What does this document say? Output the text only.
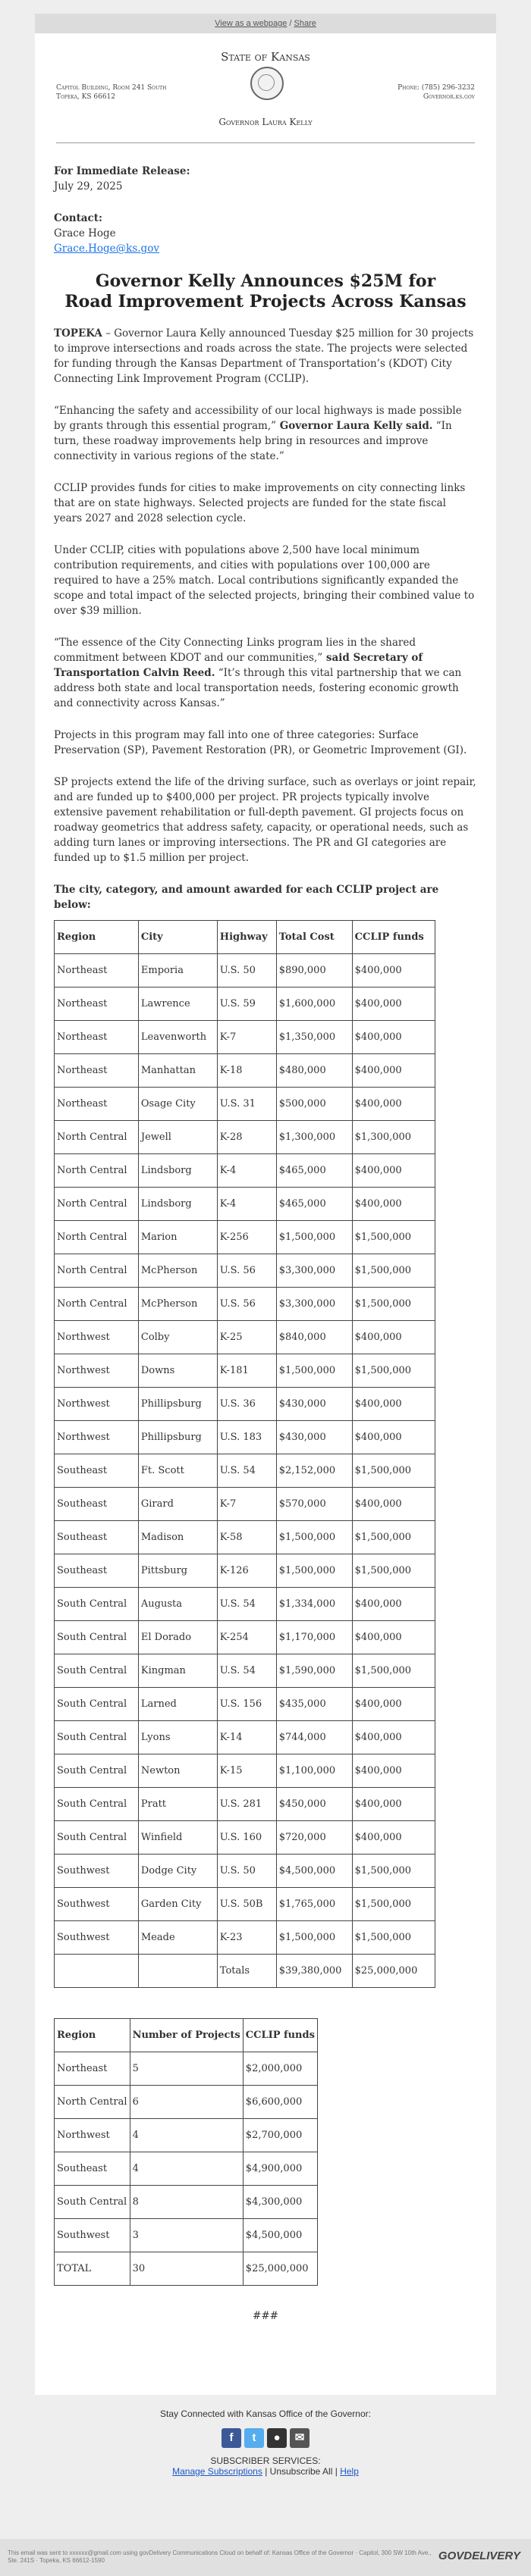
View as a webpage / Share
State of Kansas
Capitol Building, Room 241 South
Topeka, KS 66612
Phone: (785) 296-3232
Governor.ks.gov
Governor Laura Kelly
For Immediate Release:
July 29, 2025
Contact:
Grace Hoge
Grace.Hoge@ks.gov
Governor Kelly Announces $25M for
Road Improvement Projects Across Kansas

TOPEKA – Governor Laura Kelly announced Tuesday $25 million for 30 projects to improve intersections and roads across the state. The projects were selected for funding through the Kansas Department of Transportation’s (KDOT) City Connecting Link Improvement Program (CCLIP).

“Enhancing the safety and accessibility of our local highways is made possible by grants through this essential program,” Governor Laura Kelly said. “In turn, these roadway improvements help bring in resources and improve connectivity in various regions of the state.”

CCLIP provides funds for cities to make improvements on city connecting links that are on state highways. Selected projects are funded for the state fiscal years 2027 and 2028 selection cycle.

Under CCLIP, cities with populations above 2,500 have local minimum contribution requirements, and cities with populations over 100,000 are required to have a 25% match. Local contributions significantly expanded the scope and total impact of the selected projects, bringing their combined value to over $39 million.

“The essence of the City Connecting Links program lies in the shared commitment between KDOT and our communities,” said Secretary of Transportation Calvin Reed. “It’s through this vital partnership that we can address both state and local transportation needs, fostering economic growth and connectivity across Kansas.”

Projects in this program may fall into one of three categories: Surface Preservation (SP), Pavement Restoration (PR), or Geometric Improvement (GI).

SP projects extend the life of the driving surface, such as overlays or joint repair, and are funded up to $400,000 per project. PR projects typically involve extensive pavement rehabilitation or full-depth pavement. GI projects focus on roadway geometrics that address safety, capacity, or operational needs, such as adding turn lanes or improving intersections. The PR and GI categories are funded up to $1.5 million per project.

The city, category, and amount awarded for each CCLIP project are below:

Region	City	Highway	Total Cost	CCLIP funds
Northeast	Emporia	U.S. 50	$890,000	$400,000
Northeast	Lawrence	U.S. 59	$1,600,000	$400,000
Northeast	Leavenworth	K-7	$1,350,000	$400,000
Northeast	Manhattan	K-18	$480,000	$400,000
Northeast	Osage City	U.S. 31	$500,000	$400,000
North Central	Jewell	K-28	$1,300,000	$1,300,000
North Central	Lindsborg	K-4	$465,000	$400,000
North Central	Lindsborg	K-4	$465,000	$400,000
North Central	Marion	K-256	$1,500,000	$1,500,000
North Central	McPherson	U.S. 56	$3,300,000	$1,500,000
North Central	McPherson	U.S. 56	$3,300,000	$1,500,000
Northwest	Colby	K-25	$840,000	$400,000
Northwest	Downs	K-181	$1,500,000	$1,500,000
Northwest	Phillipsburg	U.S. 36	$430,000	$400,000
Northwest	Phillipsburg	U.S. 183	$430,000	$400,000
Southeast	Ft. Scott	U.S. 54	$2,152,000	$1,500,000
Southeast	Girard	K-7	$570,000	$400,000
Southeast	Madison	K-58	$1,500,000	$1,500,000
Southeast	Pittsburg	K-126	$1,500,000	$1,500,000
South Central	Augusta	U.S. 54	$1,334,000	$400,000
South Central	El Dorado	K-254	$1,170,000	$400,000
South Central	Kingman	U.S. 54	$1,590,000	$1,500,000
South Central	Larned	U.S. 156	$435,000	$400,000
South Central	Lyons	K-14	$744,000	$400,000
South Central	Newton	K-15	$1,100,000	$400,000
South Central	Pratt	U.S. 281	$450,000	$400,000
South Central	Winfield	U.S. 160	$720,000	$400,000
Southwest	Dodge City	U.S. 50	$4,500,000	$1,500,000
Southwest	Garden City	U.S. 50B	$1,765,000	$1,500,000
Southwest	Meade	K-23	$1,500,000	$1,500,000
		Totals	$39,380,000	$25,000,000
Region	Number of Projects	CCLIP funds
Northeast	5	$2,000,000
North Central	6	$6,600,000
Northwest	4	$2,700,000
Southeast	4	$4,900,000
South Central	8	$4,300,000
Southwest	3	$4,500,000
TOTAL	30	$25,000,000
###
Stay Connected with Kansas Office of the Governor:
f	t	●	✉
SUBSCRIBER SERVICES:
Manage Subscriptions | Unsubscribe All | Help
This email was sent to xxxxxx@gmail.com using govDelivery Communications Cloud on behalf of: Kansas Office of the Governor · Capitol, 300 SW 10th Ave., Ste. 241S · Topeka, KS 66612-1590	GOVDELIVERY
